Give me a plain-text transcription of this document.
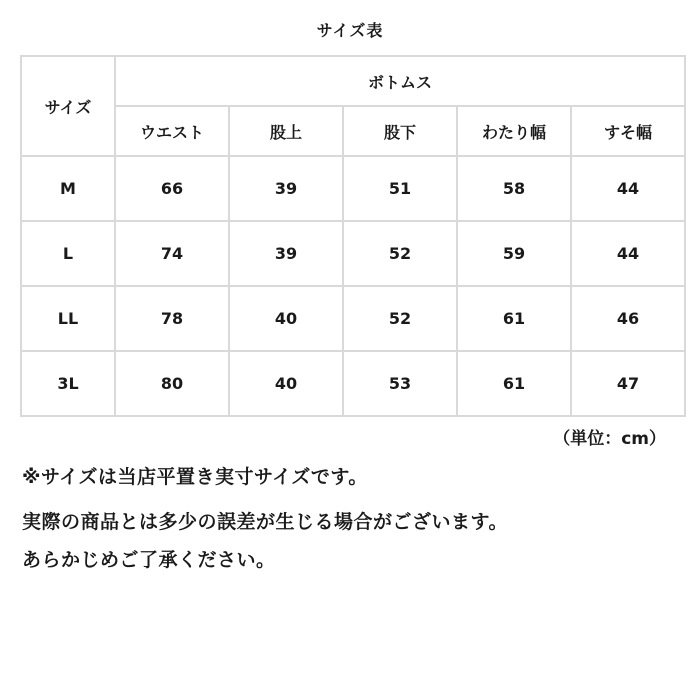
サイズ表
サイズ	ボトムス				
	ウエスト	股上	股下	わたり幅	すそ幅
M	66	39	51	58	44
L	74	39	52	59	44
LL	78	40	52	61	46
3L	80	40	53	61	47
（単位：cm）
※サイズは当店平置き実寸サイズです。
実際の商品とは多少の誤差が生じる場合がございます。
あらかじめご了承ください。
